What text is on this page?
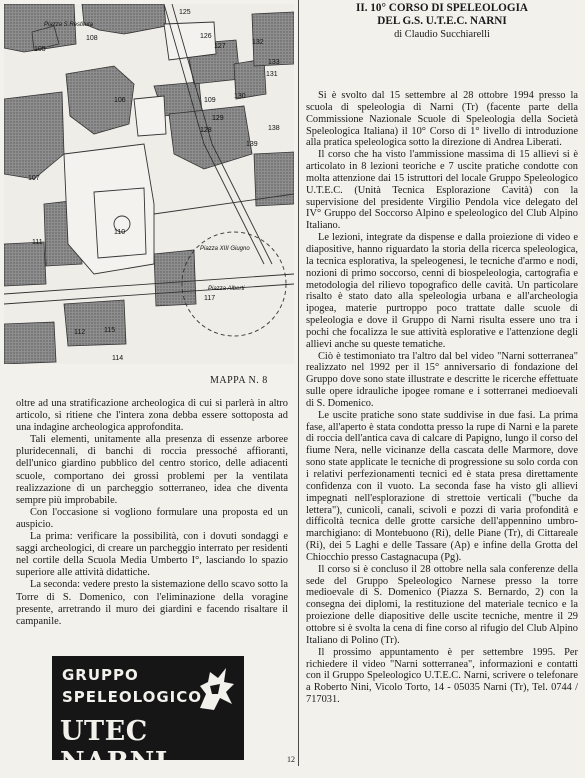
105
108
106
107
109
110
111
112	115
114
117
125
126
127
128
129
130
131
132
133
138
139
Piazza S.Restituta
Piazza XIII Giugno
Piazza Alberti
MAPPA N. 8

oltre ad una stratificazione archeologica di cui si parlerà in altro articolo, si ritiene che l'intera zona debba essere sottoposta ad una indagine archeologica approfondita.

Tali elementi, unitamente alla presenza di essenze arboree pluridecennali, di banchi di roccia pressoché affioranti, dell'unico giardino pubblico del centro storico, delle adiacenti scuole, comportano dei grossi problemi per la ventilata realizzazione di un parcheggio sotterraneo, idea che diventa sempre più improbabile.

Con l'occasione si vogliono formulare una proposta ed un auspicio.

La prima: verificare la possibilità, con i dovuti sondaggi e saggi archeologici, di creare un parcheggio interrato per residenti nel cortile della Scuola Media Umberto I°, lasciando lo spazio superiore alle attività didattiche.

La seconda: vedere presto la sistemazione dello scavo sotto la Torre di S. Domenico, con l'eliminazione della voragine presente, arretrando il muro dei giardini e facendo risaltare il campanile.

GRUPPO
SPELEOLOGICO
UTEC NARNI	12
II. 10° CORSO DI SPELEOLOGIA
DEL G.S. U.T.E.C. NARNI
di Claudio Succhiarelli

Si è svolto dal 15 settembre al 28 ottobre 1994 presso la scuola di speleologia di Narni (Tr) (facente parte della Commissione Nazionale Scuole di Speleologia della Società Speleologica Italiana) il 10° Corso di 1° livello di introduzione alla pratica speleologica sotto la direzione di Andrea Liberati.

Il corso che ha visto l'ammissione massima di 15 allievi si è articolato in 8 lezioni teoriche e 7 uscite pratiche condotte con molta attenzione dai 15 istruttori del locale Gruppo Speleologico U.T.E.C. (Unità Tecnica Esplorazione Cavità) con la supervisione del presidente Virgilio Pendola vice delegato del IV° Gruppo del Soccorso Alpino e speleologico del Club Alpino Italiano.

Le lezioni, integrate da dispense e dalla proiezione di video e diapositive, hanno riguardato la storia della ricerca speleologica, la tecnica esplorativa, la speleogenesi, le tecniche d'armo e nodi, nozioni di primo soccorso, cenni di biospeleologia, cartografia e metodologia del rilievo topografico delle cavità. Un particolare risalto è stato dato alla speleologia urbana e all'archeologia ipogea, materie purtroppo poco trattate dalle scuole di speleologia e dove il Gruppo di Narni risulta essere uno tra i pochi che focalizza le sue attività esplorative e l'attenzione degli allievi anche su queste tematiche.

Ciò è testimoniato tra l'altro dal bel video "Narni sotterranea" realizzato nel 1992 per il 15° anniversario di fondazione del Gruppo dove sono state illustrate e descritte le ricerche effettuate sulle opere idrauliche ipogee romane e i sotterranei medioevali di S. Domenico.

Le uscite pratiche sono state suddivise in due fasi. La prima fase, all'aperto è stata condotta presso la rupe di Narni e la parete di roccia dell'antica cava di calcare di Papigno, lungo il corso del fiume Nera, nelle vicinanze della cascata delle Marmore, dove sono state applicate le tecniche di progressione su solo corda con i relativi perfezionamenti tecnici ed è stata presa direttamente confidenza con il vuoto. La seconda fase ha visto gli allievi impegnati nell'esplorazione di strettoie verticali ("buche da lettera"), cunicoli, canali, scivoli e pozzi di varia profondità e difficoltà tecnica delle grotte carsiche dell'appennino umbro-marchigiano: di Montebuono (Ri), delle Piane (Tr), di Cittareale (Ri), dei 5 Laghi e delle Tassare (Ap) e infine della Grotta del Chiocchio presso Castagnacupa (Pg).

Il corso si è concluso il 28 ottobre nella sala conferenze della sede del Gruppo Speleologico Narnese presso la torre medioevale di S. Domenico (Piazza S. Bernardo, 2) con la consegna dei diplomi, la restituzione del materiale tecnico e la proiezione delle diapositive delle uscite tecniche, mentre il 29 ottobre si è svolta la cena di fine corso al rifugio del Club Alpino Italiano di Polino (Tr).

Il prossimo appuntamento è per settembre 1995. Per richiedere il video "Narni sotterranea", informazioni e contatti con il Gruppo Speleologico U.T.E.C. Narni, scrivere o telefonare a Roberto Nini, Vicolo Torto, 14 - 05035 Narni (Tr), Tel. 0744 / 717031.
